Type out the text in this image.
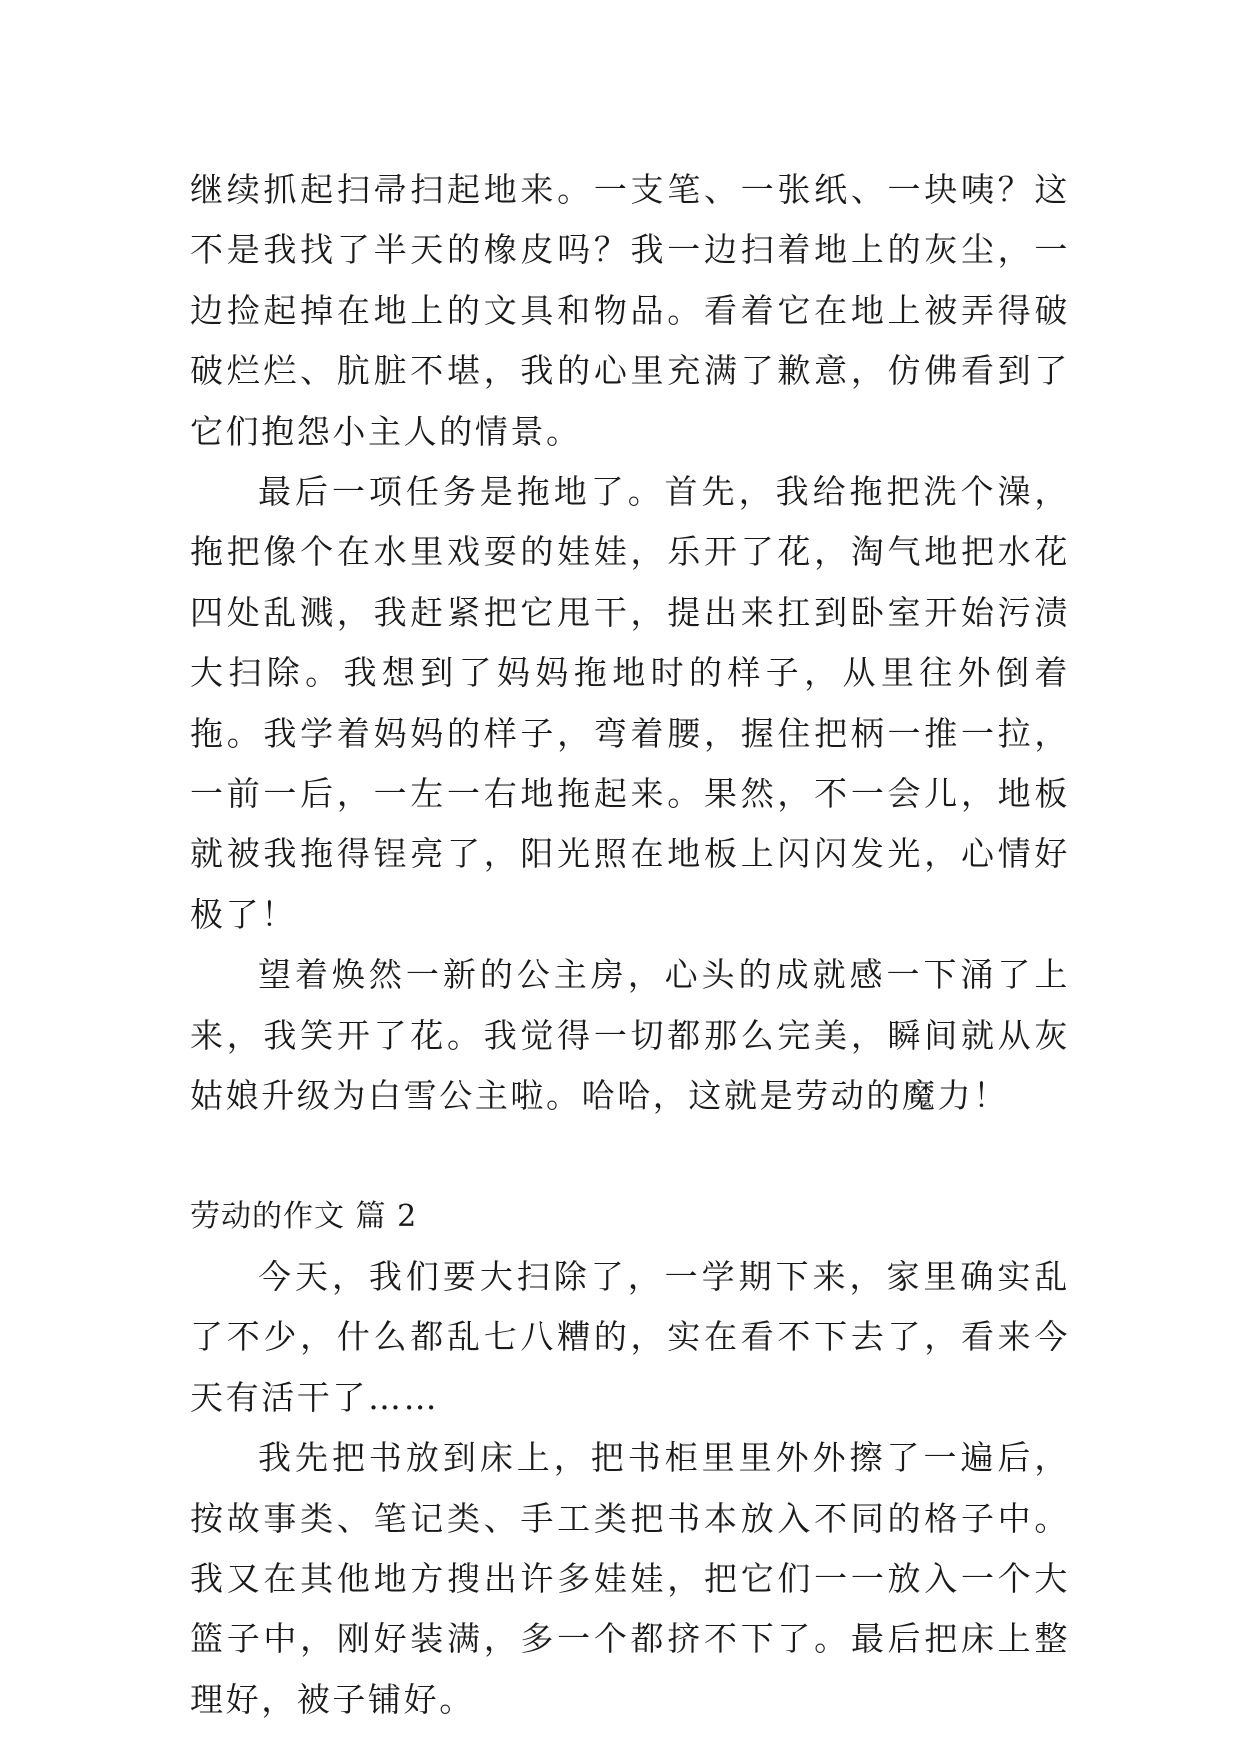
继续抓起扫帚扫起地来。一支笔、一张纸、一块咦？这不是我找了半天的橡皮吗？我一边扫着地上的灰尘，一边捡起掉在地上的文具和物品。看着它在地上被弄得破破烂烂、肮脏不堪，我的心里充满了歉意，仿佛看到了它们抱怨小主人的情景。

最后一项任务是拖地了。首先，我给拖把洗个澡，拖把像个在水里戏耍的娃娃，乐开了花，淘气地把水花四处乱溅，我赶紧把它甩干，提出来扛到卧室开始污渍大扫除。我想到了妈妈拖地时的样子，从里往外倒着拖。我学着妈妈的样子，弯着腰，握住把柄一推一拉，一前一后，一左一右地拖起来。果然，不一会儿，地板就被我拖得锃亮了，阳光照在地板上闪闪发光，心情好极了！

望着焕然一新的公主房，心头的成就感一下涌了上来，我笑开了花。我觉得一切都那么完美，瞬间就从灰姑娘升级为白雪公主啦。哈哈，这就是劳动的魔力！

劳动的作文 篇 2

今天，我们要大扫除了，一学期下来，家里确实乱了不少，什么都乱七八糟的，实在看不下去了，看来今天有活干了……

我先把书放到床上，把书柜里里外外擦了一遍后，按故事类、笔记类、手工类把书本放入不同的格子中。我又在其他地方搜出许多娃娃，把它们一一放入一个大篮子中，刚好装满，多一个都挤不下了。最后把床上整理好，被子铺好。
